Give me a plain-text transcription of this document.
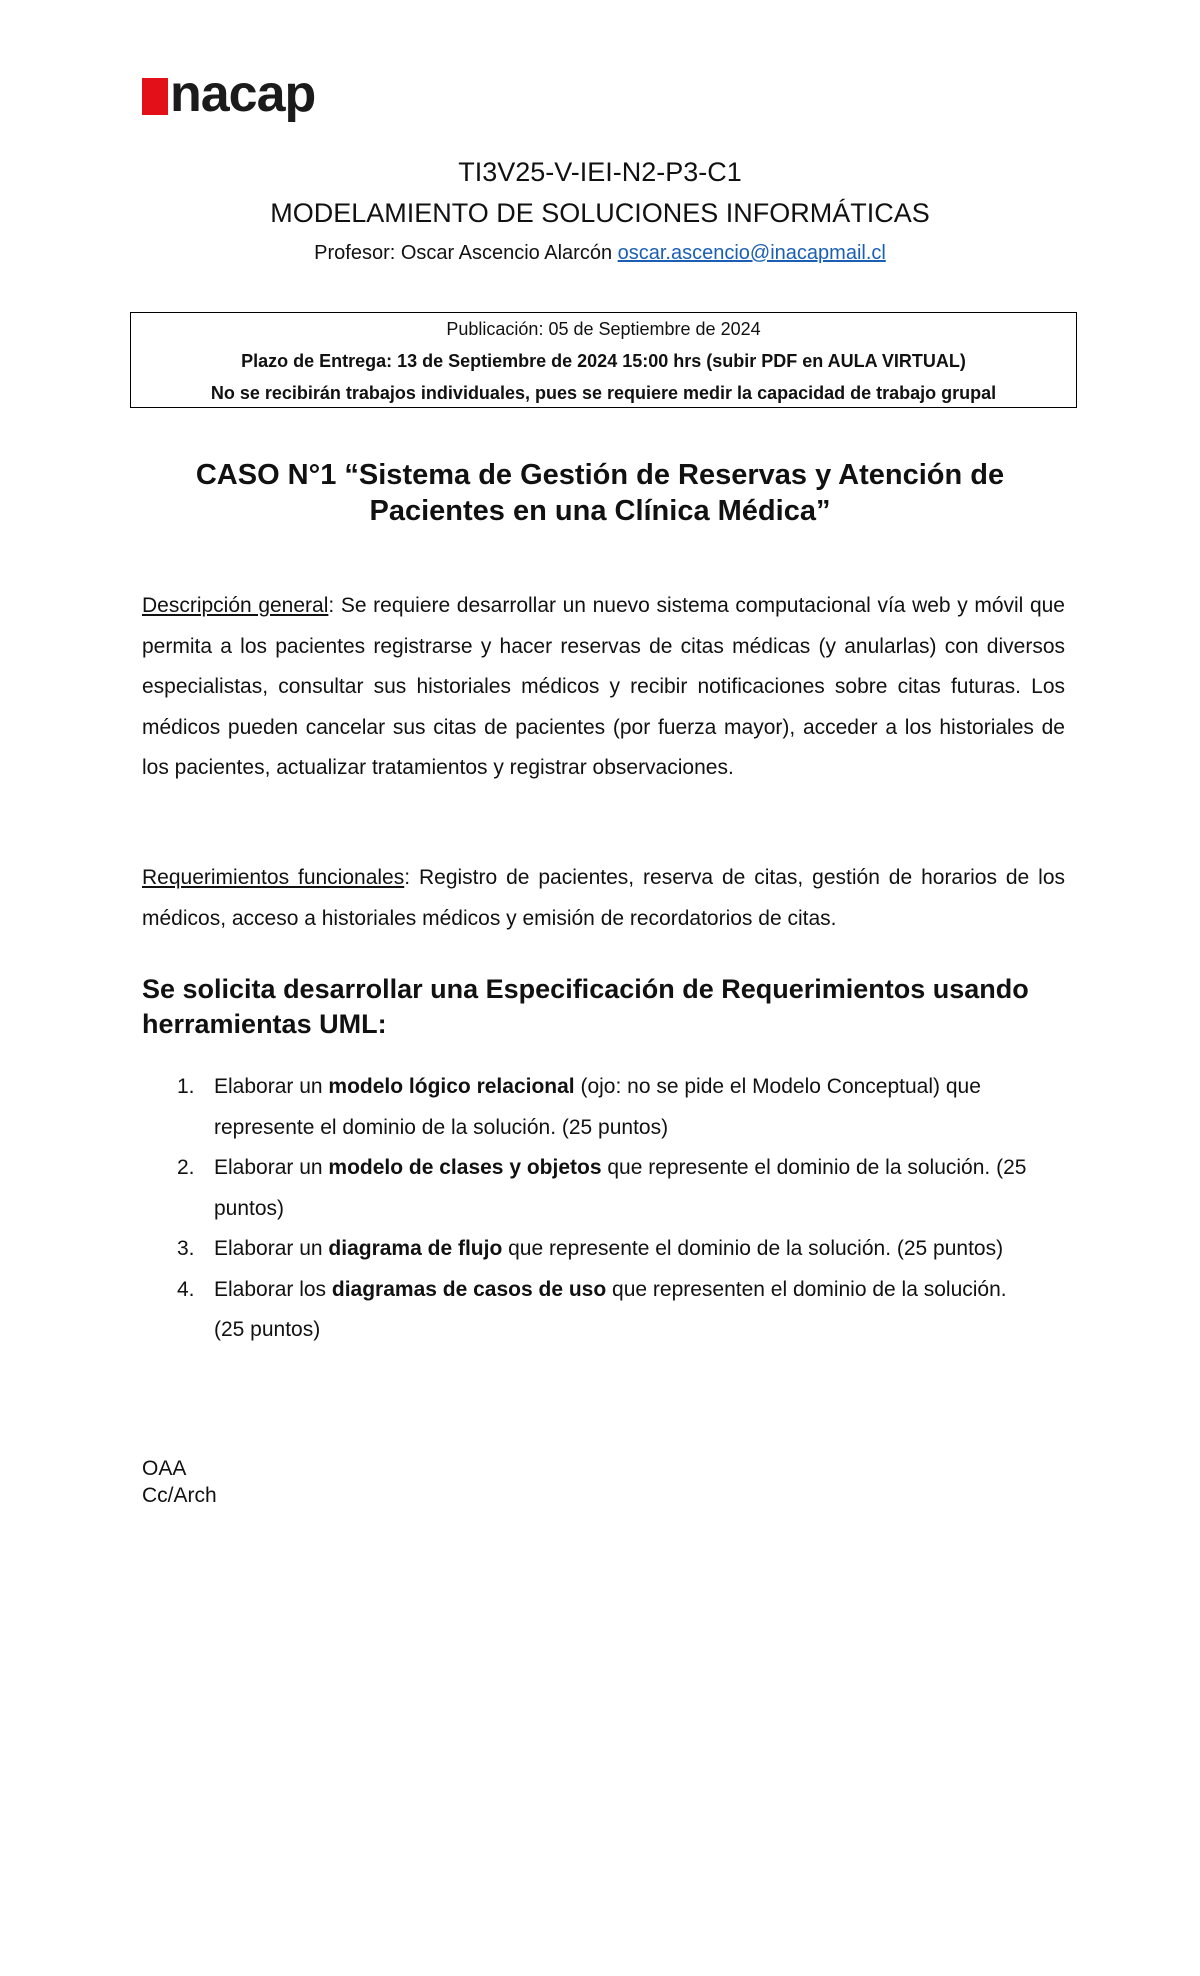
nacap
TI3V25-V-IEI-N2-P3-C1
MODELAMIENTO DE SOLUCIONES INFORMÁTICAS
Profesor: Oscar Ascencio Alarcón oscar.ascencio@inacapmail.cl
Publicación: 05 de Septiembre de 2024
Plazo de Entrega: 13 de Septiembre de 2024 15:00 hrs (subir PDF en AULA VIRTUAL)
No se recibirán trabajos individuales, pues se requiere medir la capacidad de trabajo grupal
CASO N°1 “Sistema de Gestión de Reservas y Atención de
Pacientes en una Clínica Médica”
Descripción general: Se requiere desarrollar un nuevo sistema computacional vía web y móvil que permita a los pacientes registrarse y hacer reservas de citas médicas (y anularlas) con diversos especialistas, consultar sus historiales médicos y recibir notificaciones sobre citas futuras. Los médicos pueden cancelar sus citas de pacientes (por fuerza mayor), acceder a los historiales de los pacientes, actualizar tratamientos y registrar observaciones.
Requerimientos funcionales: Registro de pacientes, reserva de citas, gestión de horarios de los médicos, acceso a historiales médicos y emisión de recordatorios de citas.
Se solicita desarrollar una Especificación de Requerimientos usando herramientas UML:
1. Elaborar un modelo lógico relacional (ojo: no se pide el Modelo Conceptual) que represente el dominio de la solución. (25 puntos)
2. Elaborar un modelo de clases y objetos que represente el dominio de la solución. (25 puntos)
3. Elaborar un diagrama de flujo que represente el dominio de la solución. (25 puntos)
4. Elaborar los diagramas de casos de uso que representen el dominio de la solución. (25 puntos)
OAA
Cc/Arch
